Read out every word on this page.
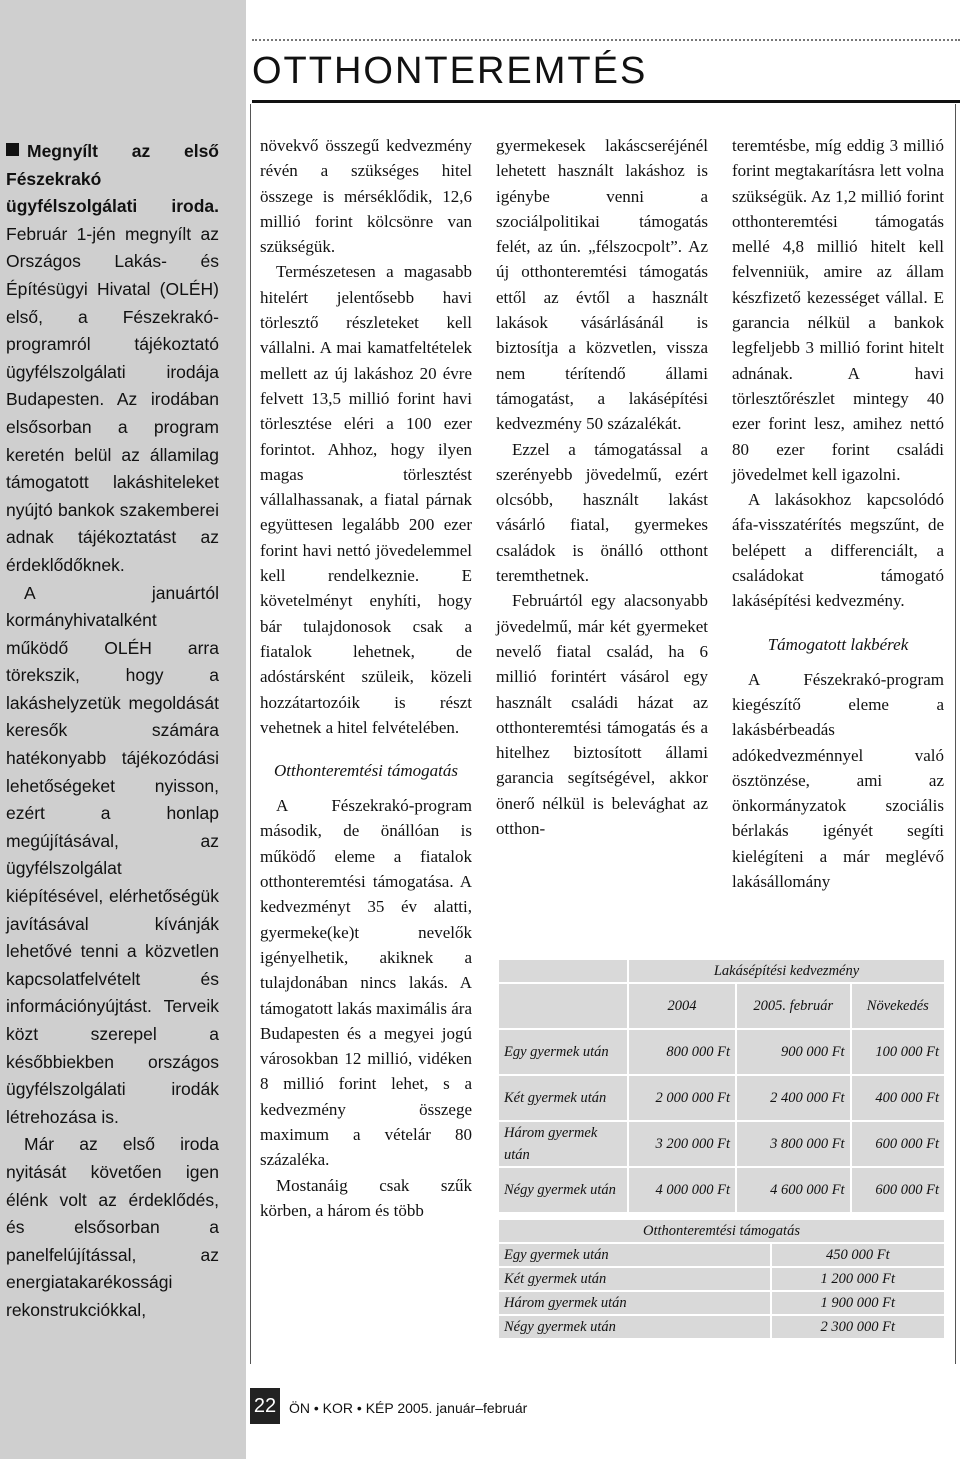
Megnyílt az első Fészekrakó ügyfélszolgálati iroda. Február 1-jén megnyílt az Országos Lakás- és Építésügyi Hivatal (OLÉH) első, a Fészekrakó-programról tájékoztató ügyfélszolgálati irodája Budapesten. Az irodában elsősorban a program keretén belül az államilag támogatott lakáshiteleket nyújtó bankok szakemberei adnak tájékoztatást az érdeklődőknek.

A januártól kormányhivatalként működő OLÉH arra törekszik, hogy a lakáshelyzetük megoldását keresők számára hatékonyabb tájékozódási lehetőségeket nyisson, ezért a honlap megújításával, az ügyfélszolgálat kiépítésével, elérhetőségük javításával kívánják lehetővé tenni a közvetlen kapcsolatfelvételt és információnyújtást. Terveik közt szerepel a későbbiekben országos ügyfélszolgálati irodák létrehozása is.

Már az első iroda nyitását követően igen élénk volt az érdeklődés, és elsősorban a panelfelújítással, az energiatakarékossági rekonstrukciókkal,

OTTHONTEREMTÉS

növekvő összegű kedvezmény révén a szükséges hitel összege is mérséklődik, 12,6 millió forint kölcsönre van szükségük.

Természetesen a magasabb hitelért jelentősebb havi törlesztő részleteket kell vállalni. A mai kamatfeltételek mellett az új lakáshoz 20 évre felvett 13,5 millió forint havi törlesztése eléri a 100 ezer forintot. Ahhoz, hogy ilyen magas törlesztést vállalhassanak, a fiatal párnak együttesen legalább 200 ezer forint havi nettó jövedelemmel kell rendelkeznie. E követelményt enyhíti, hogy bár tulajdonosok csak a fiatalok lehetnek, de adóstársként szüleik, közeli hozzátartozóik is részt vehetnek a hitel felvételében.

Otthonteremtési támogatás

A Fészekrakó-program második, de önállóan is működő eleme a fiatalok otthonteremtési támogatása. A kedvezményt 35 év alatti, gyermeke(ke)t nevelők igényelhetik, akiknek a tulajdonában nincs lakás. A támogatott lakás maximális ára Budapesten és a megyei jogú városokban 12 millió, vidéken 8 millió forint lehet, s a kedvezmény összege maximum a vételár 80 százaléka.

Mostanáig csak szűk körben, a három és több

gyermekesek lakáscseréjénél lehetett használt lakáshoz is igénybe venni a szociálpolitikai támogatás felét, az ún. „félszocpolt”. Az új otthonteremtési támogatás ettől az évtől a használt lakások vásárlásánál is biztosítja a közvetlen, vissza nem térítendő állami támogatást, a lakásépítési kedvezmény 50 százalékát.

Ezzel a támogatással a szerényebb jövedelmű, ezért olcsóbb, használt lakást vásárló fiatal, gyermekes családok is önálló otthont teremthetnek.

Februártól egy alacsonyabb jövedelmű, már két gyermeket nevelő fiatal család, ha 6 millió forintért vásárol egy használt családi házat az otthonteremtési támogatás és a hitelhez biztosított állami garancia segítségével, akkor önerő nélkül is belevághat az otthon-

teremtésbe, míg eddig 3 millió forint megtakarításra lett volna szükségük. Az 1,2 millió forint otthonteremtési támogatás mellé 4,8 millió hitelt kell felvenniük, amire az állam készfizető kezességet vállal. E garancia nélkül a bankok legfeljebb 3 millió forint hitelt adnának. A havi törlesztőrészlet mintegy 40 ezer forint lesz, amihez nettó 80 ezer forint családi jövedelmet kell igazolni.

A lakásokhoz kapcsolódó áfa-visszatérítés megszűnt, de belépett a differenciált, a családokat támogató lakásépítési kedvezmény.

Támogatott lakbérek

A Fészekrakó-program kiegészítő eleme a lakásbérbeadás adókedvezménnyel való ösztönzése, ami az önkormányzatok szociális bérlakás igényét segíti kielégíteni a már meglévő lakásállomány

	Lakásépítési kedvezmény		
	2004	2005. február	Növekedés
Egy gyermek után	800 000 Ft	900 000 Ft	100 000 Ft
Két gyermek után	2 000 000 Ft	2 400 000 Ft	400 000 Ft
Három gyermek után	3 200 000 Ft	3 800 000 Ft	600 000 Ft
Négy gyermek után	4 000 000 Ft	4 600 000 Ft	600 000 Ft
Otthonteremtési támogatás	
Egy gyermek után	450 000 Ft
Két gyermek után	1 200 000 Ft
Három gyermek után	1 900 000 Ft
Négy gyermek után	2 300 000 Ft
22 ÖN • KOR • KÉP 2005. január–február
